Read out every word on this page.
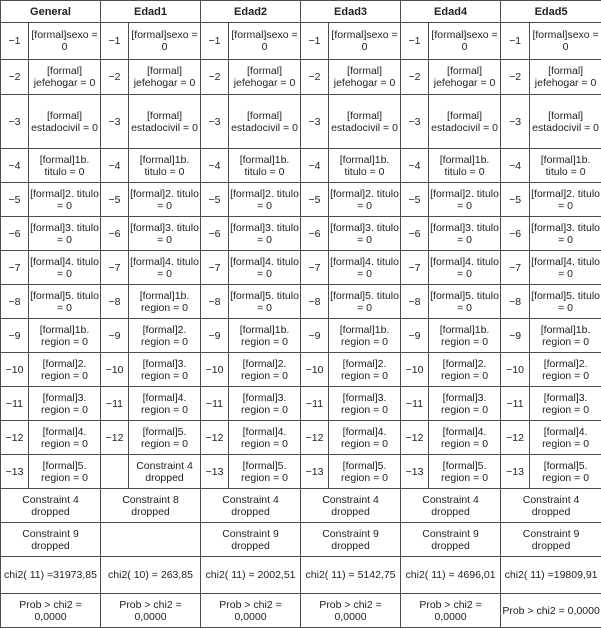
General		Edad1		Edad2		Edad3		Edad4		Edad5	
−1	[formal]sexo = 0	−1	[formal]sexo = 0	−1	[formal]sexo = 0	−1	[formal]sexo = 0	−1	[formal]sexo = 0	−1	[formal]sexo = 0
−2	[formal] jefehogar = 0	−2	[formal] jefehogar = 0	−2	[formal] jefehogar = 0	−2	[formal] jefehogar = 0	−2	[formal] jefehogar = 0	−2	[formal] jefehogar = 0
−3	[formal] estadocivil = 0	−3	[formal] estadocivil = 0	−3	[formal] estadocivil = 0	−3	[formal] estadocivil = 0	−3	[formal] estadocivil = 0	−3	[formal] estadocivil = 0
−4	[formal]1b. titulo = 0	−4	[formal]1b. titulo = 0	−4	[formal]1b. titulo = 0	−4	[formal]1b. titulo = 0	−4	[formal]1b. titulo = 0	−4	[formal]1b. titulo = 0
−5	[formal]2. titulo = 0	−5	[formal]2. titulo = 0	−5	[formal]2. titulo = 0	−5	[formal]2. titulo = 0	−5	[formal]2. titulo = 0	−5	[formal]2. titulo = 0
−6	[formal]3. titulo = 0	−6	[formal]3. titulo = 0	−6	[formal]3. titulo = 0	−6	[formal]3. titulo = 0	−6	[formal]3. titulo = 0	−6	[formal]3. titulo = 0
−7	[formal]4. titulo = 0	−7	[formal]4. titulo = 0	−7	[formal]4. titulo = 0	−7	[formal]4. titulo = 0	−7	[formal]4. titulo = 0	−7	[formal]4. titulo = 0
−8	[formal]5. titulo = 0	−8	[formal]1b. region = 0	−8	[formal]5. titulo = 0	−8	[formal]5. titulo = 0	−8	[formal]5. titulo = 0	−8	[formal]5. titulo = 0
−9	[formal]1b. region = 0	−9	[formal]2. region = 0	−9	[formal]1b. region = 0	−9	[formal]1b. region = 0	−9	[formal]1b. region = 0	−9	[formal]1b. region = 0
−10	[formal]2. region = 0	−10	[formal]3. region = 0	−10	[formal]2. region = 0	−10	[formal]2. region = 0	−10	[formal]2. region = 0	−10	[formal]2. region = 0
−11	[formal]3. region = 0	−11	[formal]4. region = 0	−11	[formal]3. region = 0	−11	[formal]3. region = 0	−11	[formal]3. region = 0	−11	[formal]3. region = 0
−12	[formal]4. region = 0	−12	[formal]5. region = 0	−12	[formal]4. region = 0	−12	[formal]4. region = 0	−12	[formal]4. region = 0	−12	[formal]4. region = 0
−13	[formal]5. region = 0		Constraint 4 dropped	−13	[formal]5. region = 0	−13	[formal]5. region = 0	−13	[formal]5. region = 0	−13	[formal]5. region = 0
Constraint 4 dropped		Constraint 8 dropped		Constraint 4 dropped		Constraint 4 dropped		Constraint 4 dropped		Constraint 4 dropped	
Constraint 9 dropped				Constraint 9 dropped		Constraint 9 dropped		Constraint 9 dropped		Constraint 9 dropped	
chi2( 11) =31973,85		chi2( 10) = 263,85		chi2( 11) = 2002,51		chi2( 11) = 5142,75		chi2( 11) = 4696,01		chi2( 11) =19809,91	
Prob > chi2 = 0,0000		Prob > chi2 = 0,0000		Prob > chi2 = 0,0000		Prob > chi2 = 0,0000		Prob > chi2 = 0,0000		Prob > chi2 = 0,0000	
